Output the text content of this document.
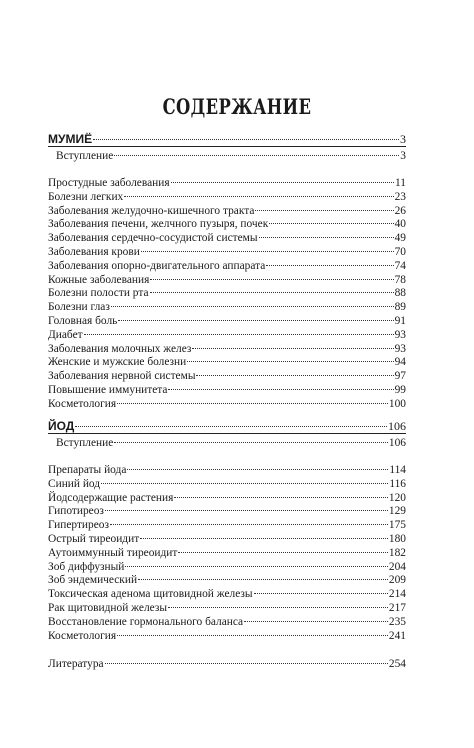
СОДЕРЖАНИЕ
МУМИЁ	3
Вступление	3
Простудные заболевания	11
Болезни легких	23
Заболевания желудочно-кишечного тракта	26
Заболевания печени, желчного пузыря, почек	40
Заболевания сердечно-сосудистой системы	49
Заболевания крови	70
Заболевания опорно-двигательного аппарата	74
Кожные заболевания	78
Болезни полости рта	88
Болезни глаз	89
Головная боль	91
Диабет	93
Заболевания молочных желез	93
Женские и мужские болезни	94
Заболевания нервной системы	97
Повышение иммунитета	99
Косметология	100
ЙОД	106
Вступление	106
Препараты йода	114
Синий йод	116
Йодсодержащие растения	120
Гипотиреоз	129
Гипертиреоз	175
Острый тиреоидит	180
Аутоиммунный тиреоидит	182
Зоб диффузный	204
Зоб эндемический	209
Токсическая аденома щитовидной железы	214
Рак щитовидной железы	217
Восстановление гормонального баланса	235
Косметология	241
Литература	254
